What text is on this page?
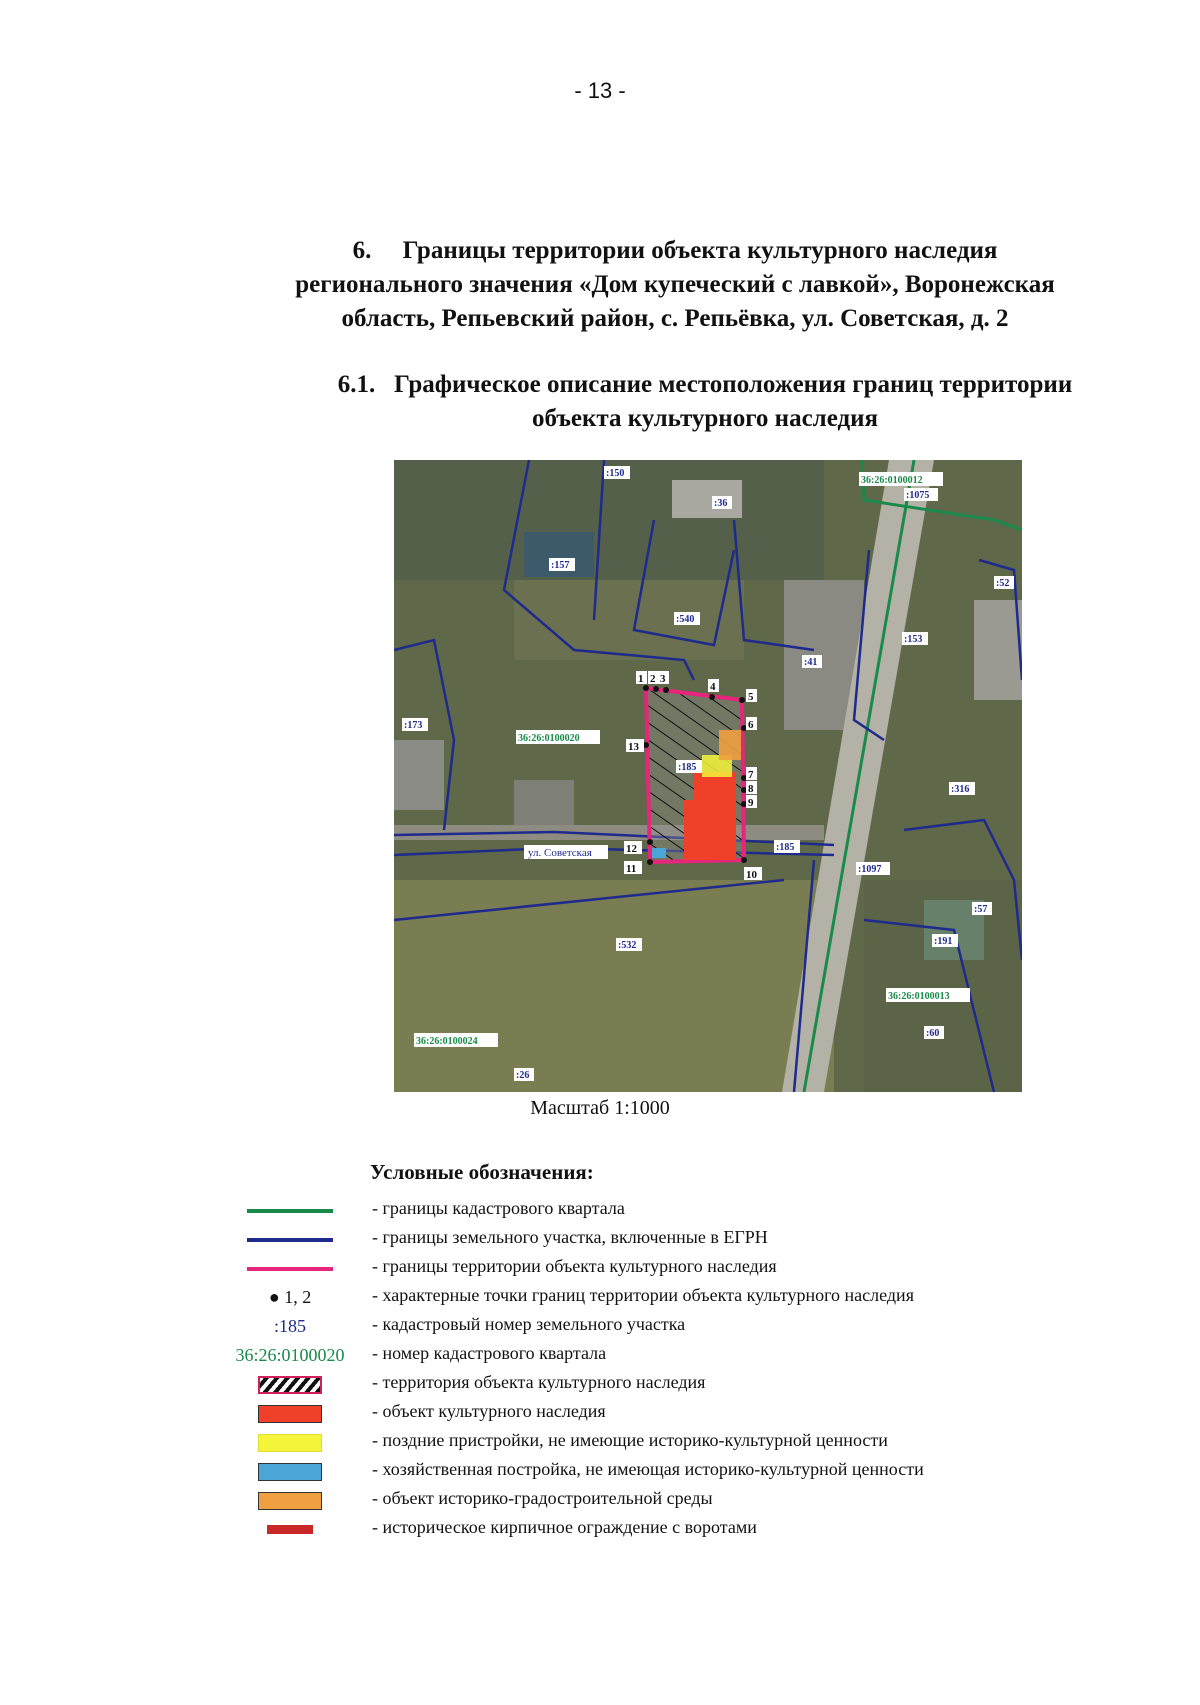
- 13 -
6. Границы территории объекта культурного наследия
регионального значения «Дом купеческий с лавкой», Воронежская
область, Репьевский район, с. Репьёвка, ул. Советская, д. 2
6.1. Графическое описание местоположения границ территории
объекта культурного наследия
1 2 3
4
5
6
7
8
9
10
11
12
13
36:26:0100012
36:26:0100020
36:26:0100013
36:26:0100024
:150
:36
:1075
:157
:540
:52
:41
:153
:173
:185
:316
:1097
:57
:191
:532
:60
:26
:185
ул. Советская
Масштаб 1:1000
Условные обозначения:
- границы кадастрового квартала
- границы земельного участка, включенные в ЕГРН
- границы территории объекта культурного наследия
● 1, 2	- характерные точки границ территории объекта культурного наследия
:185	- кадастровый номер земельного участка
36:26:0100020 - номер кадастрового квартала
- территория объекта культурного наследия
- объект культурного наследия
- поздние пристройки, не имеющие историко-культурной ценности
- хозяйственная постройка, не имеющая историко-культурной ценности
- объект историко-градостроительной среды
- историческое кирпичное ограждение с воротами
